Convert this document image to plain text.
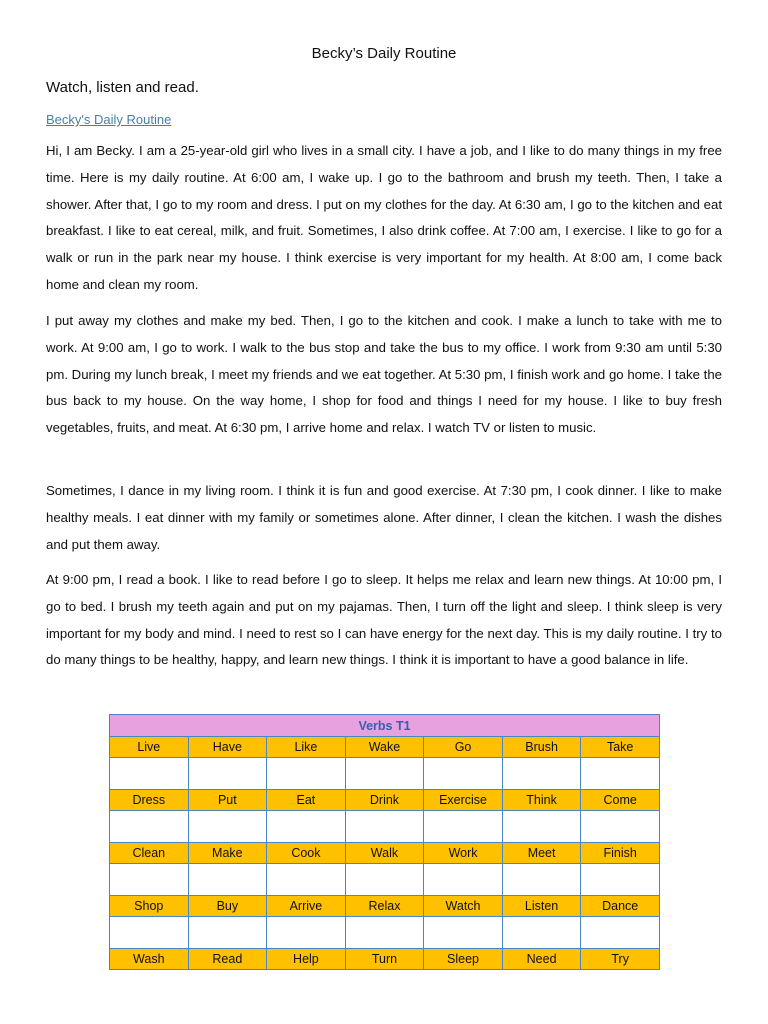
Becky’s Daily Routine
Watch, listen and read.
Becky's Daily Routine

Hi, I am Becky. I am a 25-year-old girl who lives in a small city. I have a job, and I like to do many things in my free time. Here is my daily routine. At 6:00 am, I wake up. I go to the bathroom and brush my teeth. Then, I take a shower. After that, I go to my room and dress. I put on my clothes for the day. At 6:30 am, I go to the kitchen and eat breakfast. I like to eat cereal, milk, and fruit. Sometimes, I also drink coffee. At 7:00 am, I exercise. I like to go for a walk or run in the park near my house. I think exercise is very important for my health. At 8:00 am, I come back home and clean my room.

I put away my clothes and make my bed. Then, I go to the kitchen and cook. I make a lunch to take with me to work. At 9:00 am, I go to work. I walk to the bus stop and take the bus to my office. I work from 9:30 am until 5:30 pm. During my lunch break, I meet my friends and we eat together. At 5:30 pm, I finish work and go home. I take the bus back to my house. On the way home, I shop for food and things I need for my house. I like to buy fresh vegetables, fruits, and meat. At 6:30 pm, I arrive home and relax. I watch TV or listen to music.

Sometimes, I dance in my living room. I think it is fun and good exercise. At 7:30 pm, I cook dinner. I like to make healthy meals. I eat dinner with my family or sometimes alone. After dinner, I clean the kitchen. I wash the dishes and put them away.

At 9:00 pm, I read a book. I like to read before I go to sleep. It helps me relax and learn new things. At 10:00 pm, I go to bed. I brush my teeth again and put on my pajamas. Then, I turn off the light and sleep. I think sleep is very important for my body and mind. I need to rest so I can have energy for the next day. This is my daily routine. I try to do many things to be healthy, happy, and learn new things. I think it is important to have a good balance in life.

Verbs T1						
Live	Have	Like	Wake	Go	Brush	Take

Dress	Put	Eat	Drink	Exercise	Think	Come

Clean	Make	Cook	Walk	Work	Meet	Finish

Shop	Buy	Arrive	Relax	Watch	Listen	Dance

Wash	Read	Help	Turn	Sleep	Need	Try
